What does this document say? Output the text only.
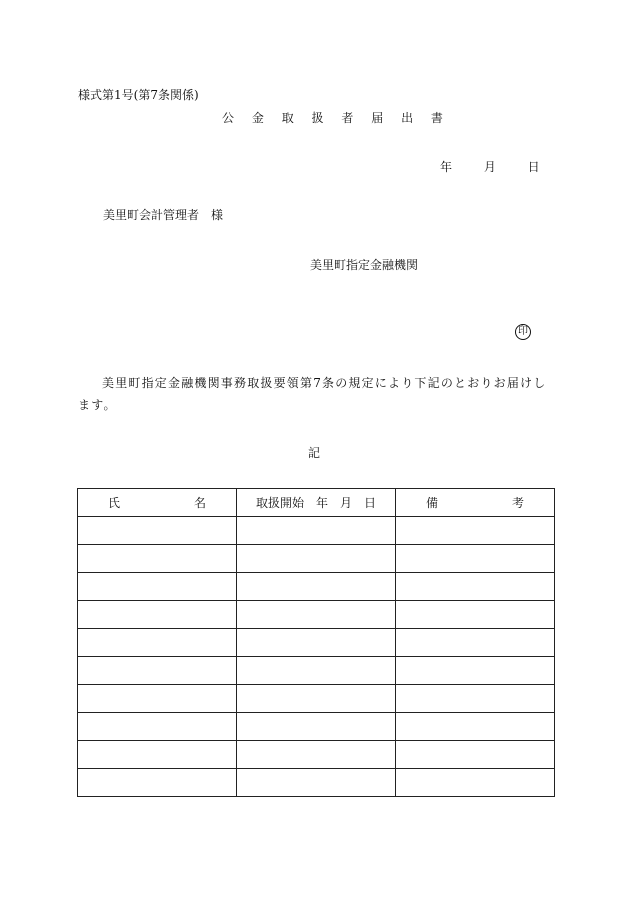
様式第1号(第7条関係)
公 金 取 扱 者 届 出 書
年	月	日
美里町会計管理者 様
美里町指定金融機関
印
美里町指定金融機関事務取扱要領第7条の規定により下記のとおりお届けします。
記
氏 名	取扱開始 年 月 日	備 考
